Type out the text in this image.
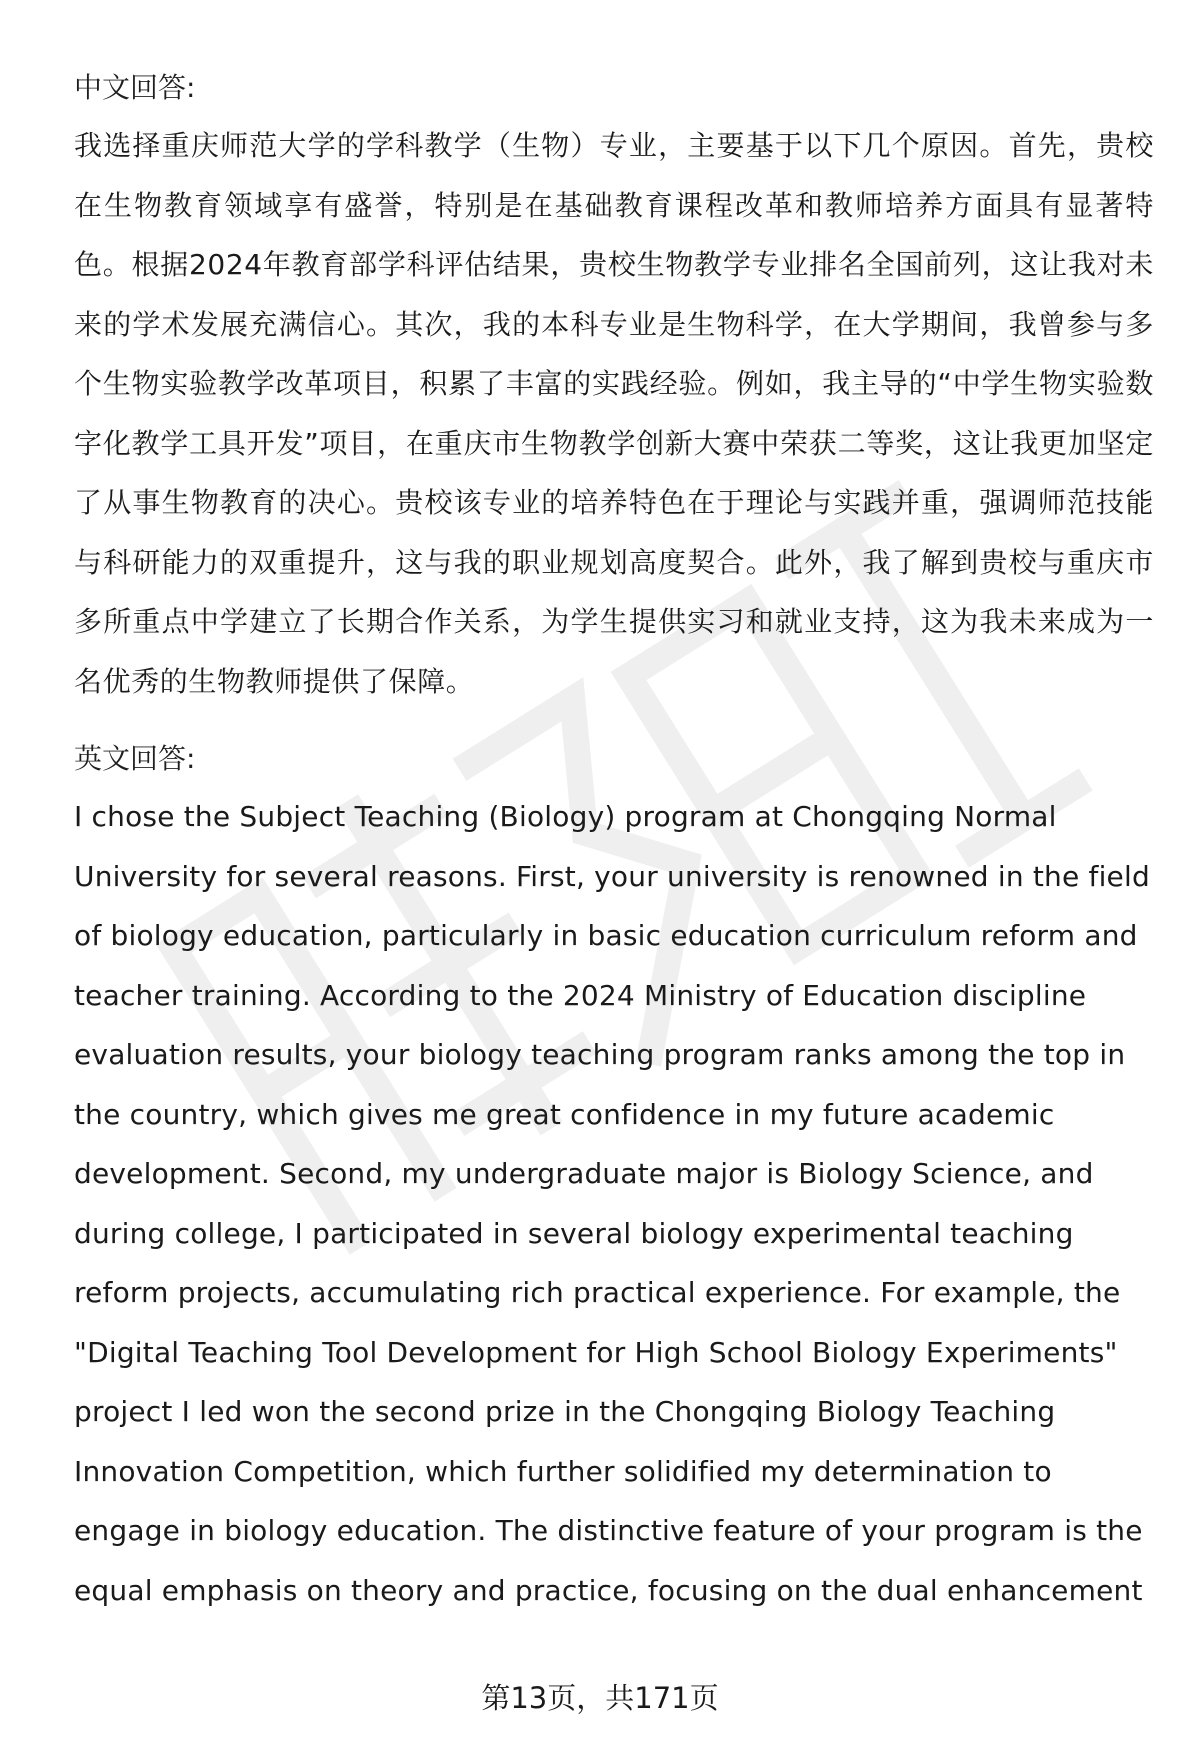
中文回答:

我选择重庆师范大学的学科教学（生物）专业，主要基于以下几个原因。首先，贵校在生物教育领域享有盛誉，特别是在基础教育课程改革和教师培养方面具有显著特色。根据2024年教育部学科评估结果，贵校生物教学专业排名全国前列，这让我对未来的学术发展充满信心。其次，我的本科专业是生物科学，在大学期间，我曾参与多个生物实验教学改革项目，积累了丰富的实践经验。例如，我主导的“中学生物实验数字化教学工具开发”项目，在重庆市生物教学创新大赛中荣获二等奖，这让我更加坚定了从事生物教育的决心。贵校该专业的培养特色在于理论与实践并重，强调师范技能与科研能力的双重提升，这与我的职业规划高度契合。此外，我了解到贵校与重庆市多所重点中学建立了长期合作关系，为学生提供实习和就业支持，这为我未来成为一名优秀的生物教师提供了保障。

英文回答:

I chose the Subject Teaching (Biology) program at Chongqing Normal
University for several reasons. First, your university is renowned in the field
of biology education, particularly in basic education curriculum reform and
teacher training. According to the 2024 Ministry of Education discipline
evaluation results, your biology teaching program ranks among the top in
the country, which gives me great confidence in my future academic
development. Second, my undergraduate major is Biology Science, and
during college, I participated in several biology experimental teaching
reform projects, accumulating rich practical experience. For example, the
"Digital Teaching Tool Development for High School Biology Experiments"
project I led won the second prize in the Chongqing Biology Teaching
Innovation Competition, which further solidified my determination to
engage in biology education. The distinctive feature of your program is the
equal emphasis on theory and practice, focusing on the dual enhancement

第13页，共171页
